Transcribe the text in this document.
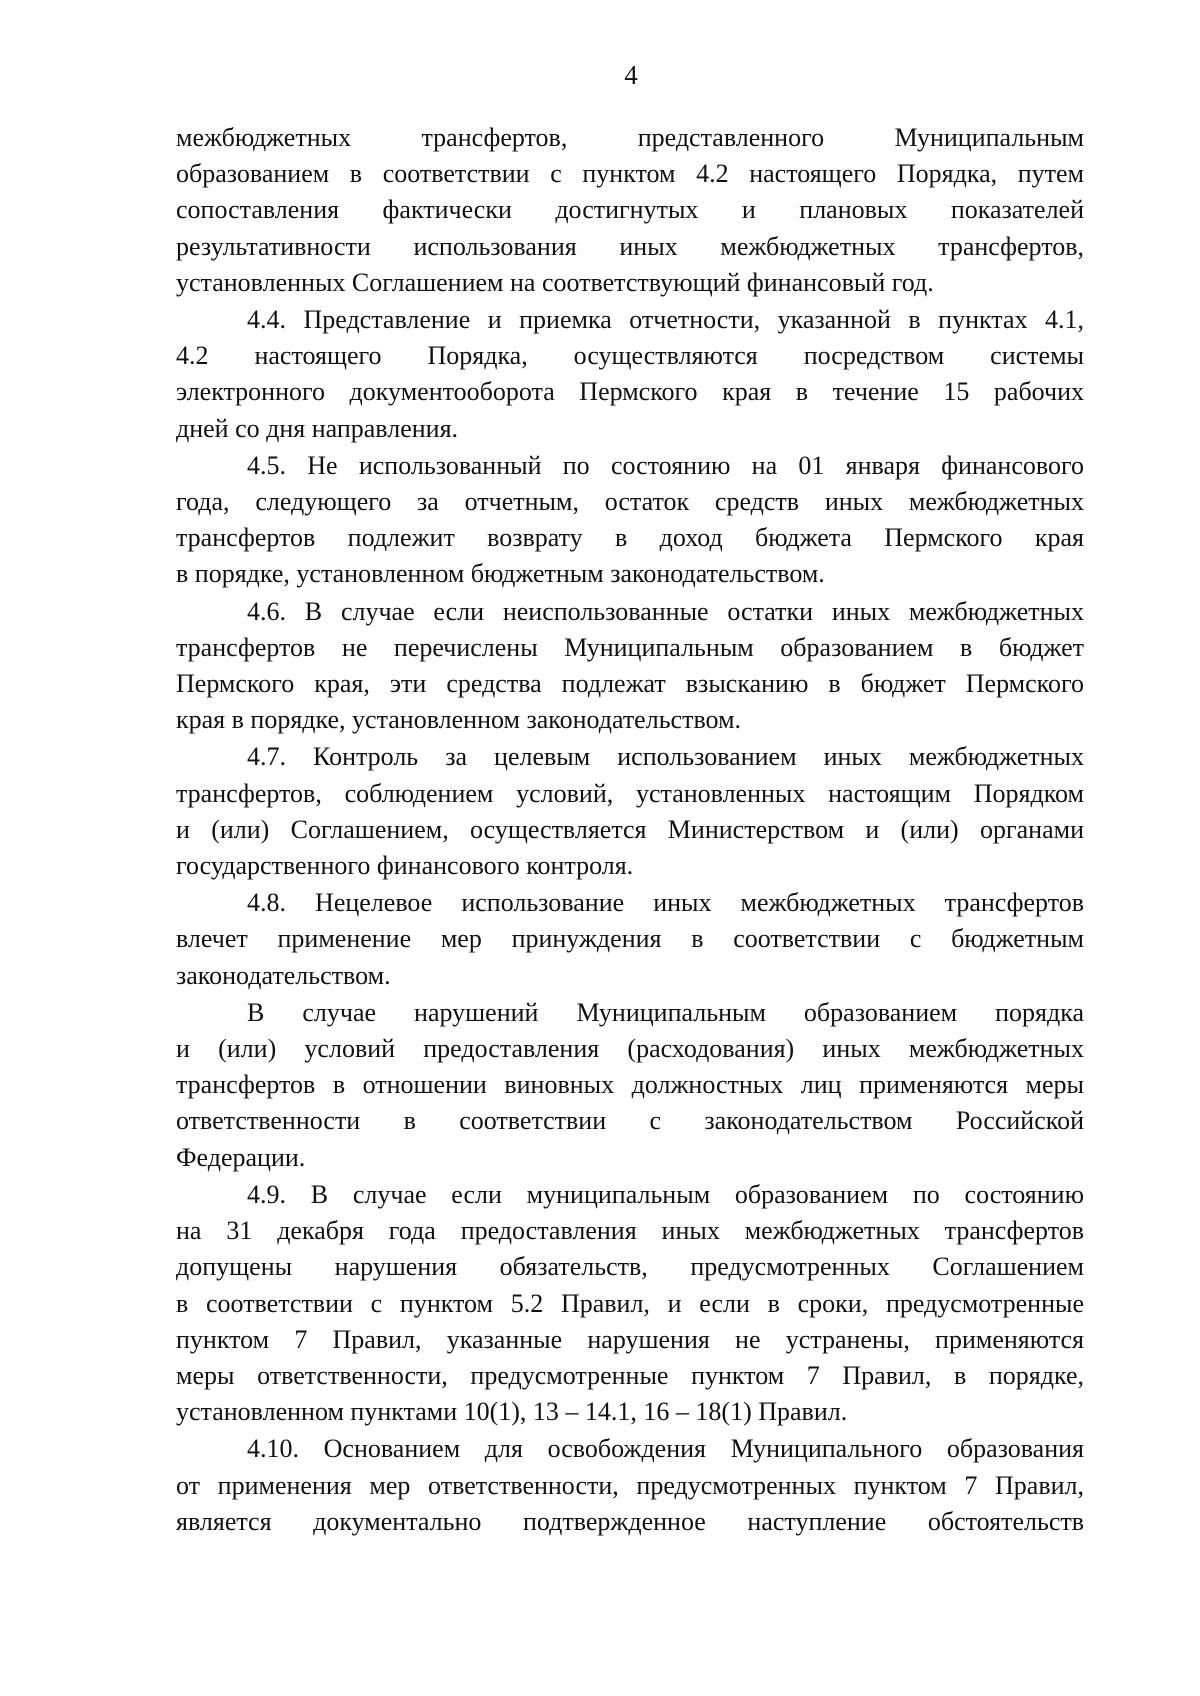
4
межбюджетных трансфертов, представленного Муниципальным
образованием в соответствии с пунктом 4.2 настоящего Порядка, путем
сопоставления фактически достигнутых и плановых показателей
результативности использования иных межбюджетных трансфертов,
установленных Соглашением на соответствующий финансовый год.
4.4. Представление и приемка отчетности, указанной в пунктах 4.1,
4.2 настоящего Порядка, осуществляются посредством системы
электронного документооборота Пермского края в течение 15 рабочих
дней со дня направления.
4.5. Не использованный по состоянию на 01 января финансового
года, следующего за отчетным, остаток средств иных межбюджетных
трансфертов подлежит возврату в доход бюджета Пермского края
в порядке, установленном бюджетным законодательством.
4.6. В случае если неиспользованные остатки иных межбюджетных
трансфертов не перечислены Муниципальным образованием в бюджет
Пермского края, эти средства подлежат взысканию в бюджет Пермского
края в порядке, установленном законодательством.
4.7. Контроль за целевым использованием иных межбюджетных
трансфертов, соблюдением условий, установленных настоящим Порядком
и (или) Соглашением, осуществляется Министерством и (или) органами
государственного финансового контроля.
4.8. Нецелевое использование иных межбюджетных трансфертов
влечет применение мер принуждения в соответствии с бюджетным
законодательством.
В случае нарушений Муниципальным образованием порядка
и (или) условий предоставления (расходования) иных межбюджетных
трансфертов в отношении виновных должностных лиц применяются меры
ответственности в соответствии с законодательством Российской
Федерации.
4.9. В случае если муниципальным образованием по состоянию
на 31 декабря года предоставления иных межбюджетных трансфертов
допущены нарушения обязательств, предусмотренных Соглашением
в соответствии с пунктом 5.2 Правил, и если в сроки, предусмотренные
пунктом 7 Правил, указанные нарушения не устранены, применяются
меры ответственности, предусмотренные пунктом 7 Правил, в порядке,
установленном пунктами 10(1), 13 – 14.1, 16 – 18(1) Правил.
4.10. Основанием для освобождения Муниципального образования
от применения мер ответственности, предусмотренных пунктом 7 Правил,
является документально подтвержденное наступление обстоятельств
